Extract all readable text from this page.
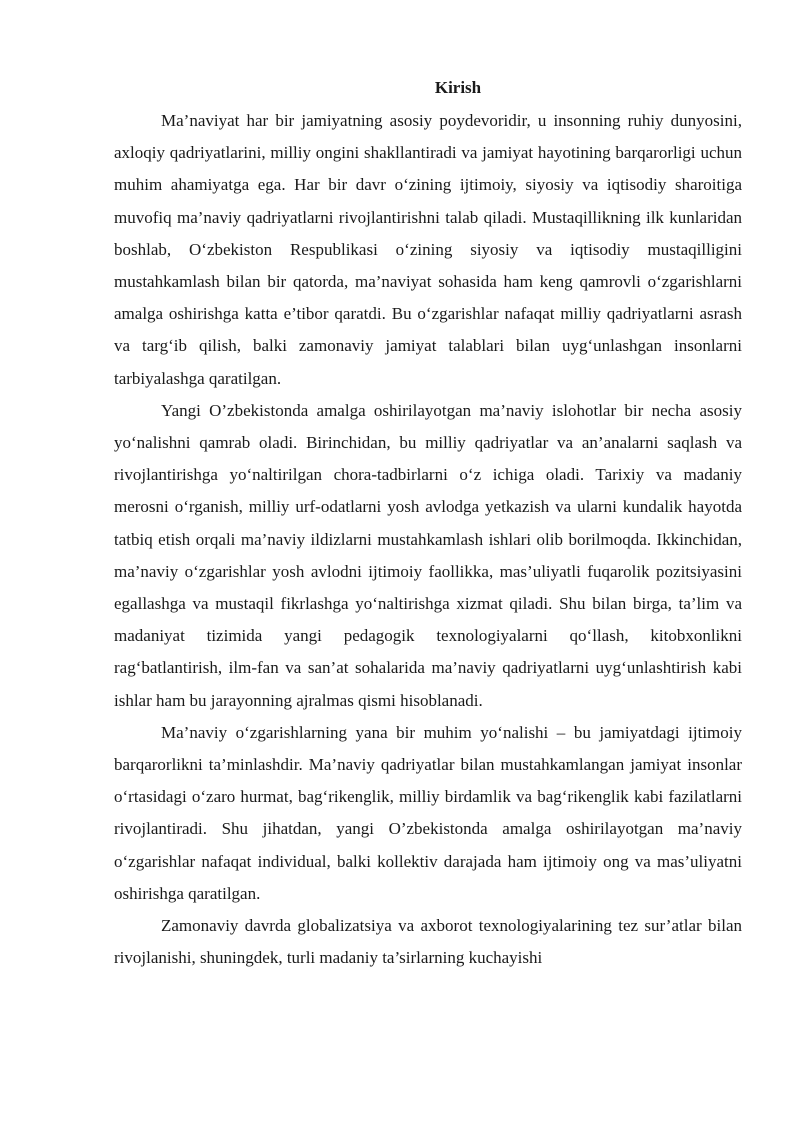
Kirish

Ma’naviyat har bir jamiyatning asosiy poydevoridir, u insonning ruhiy dunyosini, axloqiy qadriyatlarini, milliy ongini shakllantiradi va jamiyat hayotining barqarorligi uchun muhim ahamiyatga ega. Har bir davr o‘zining ijtimoiy, siyosiy va iqtisodiy sharoitiga muvofiq ma’naviy qadriyatlarni rivojlantirishni talab qiladi. Mustaqillikning ilk kunlaridan boshlab, O‘zbekiston Respublikasi o‘zining siyosiy va iqtisodiy mustaqilligini mustahkamlash bilan bir qatorda, ma’naviyat sohasida ham keng qamrovli o‘zgarishlarni amalga oshirishga katta e’tibor qaratdi. Bu o‘zgarishlar nafaqat milliy qadriyatlarni asrash va targ‘ib qilish, balki zamonaviy jamiyat talablari bilan uyg‘unlashgan insonlarni tarbiyalashga qaratilgan.

Yangi O’zbekistonda amalga oshirilayotgan ma’naviy islohotlar bir necha asosiy yo‘nalishni qamrab oladi. Birinchidan, bu milliy qadriyatlar va an’analarni saqlash va rivojlantirishga yo‘naltirilgan chora-tadbirlarni o‘z ichiga oladi. Tarixiy va madaniy merosni o‘rganish, milliy urf-odatlarni yosh avlodga yetkazish va ularni kundalik hayotda tatbiq etish orqali ma’naviy ildizlarni mustahkamlash ishlari olib borilmoqda. Ikkinchidan, ma’naviy o‘zgarishlar yosh avlodni ijtimoiy faollikka, mas’uliyatli fuqarolik pozitsiyasini egallashga va mustaqil fikrlashga yo‘naltirishga xizmat qiladi. Shu bilan birga, ta’lim va madaniyat tizimida yangi pedagogik texnologiyalarni qo‘llash, kitobxonlikni rag‘batlantirish, ilm-fan va san’at sohalarida ma’naviy qadriyatlarni uyg‘unlashtirish kabi ishlar ham bu jarayonning ajralmas qismi hisoblanadi.

Ma’naviy o‘zgarishlarning yana bir muhim yo‘nalishi – bu jamiyatdagi ijtimoiy barqarorlikni ta’minlashdir. Ma’naviy qadriyatlar bilan mustahkamlangan jamiyat insonlar o‘rtasidagi o‘zaro hurmat, bag‘rikenglik, milliy birdamlik va bag‘rikenglik kabi fazilatlarni rivojlantiradi. Shu jihatdan, yangi O’zbekistonda amalga oshirilayotgan ma’naviy o‘zgarishlar nafaqat individual, balki kollektiv darajada ham ijtimoiy ong va mas’uliyatni oshirishga qaratilgan.

Zamonaviy davrda globalizatsiya va axborot texnologiyalarining tez sur’atlar bilan rivojlanishi, shuningdek, turli madaniy ta’sirlarning kuchayishi
